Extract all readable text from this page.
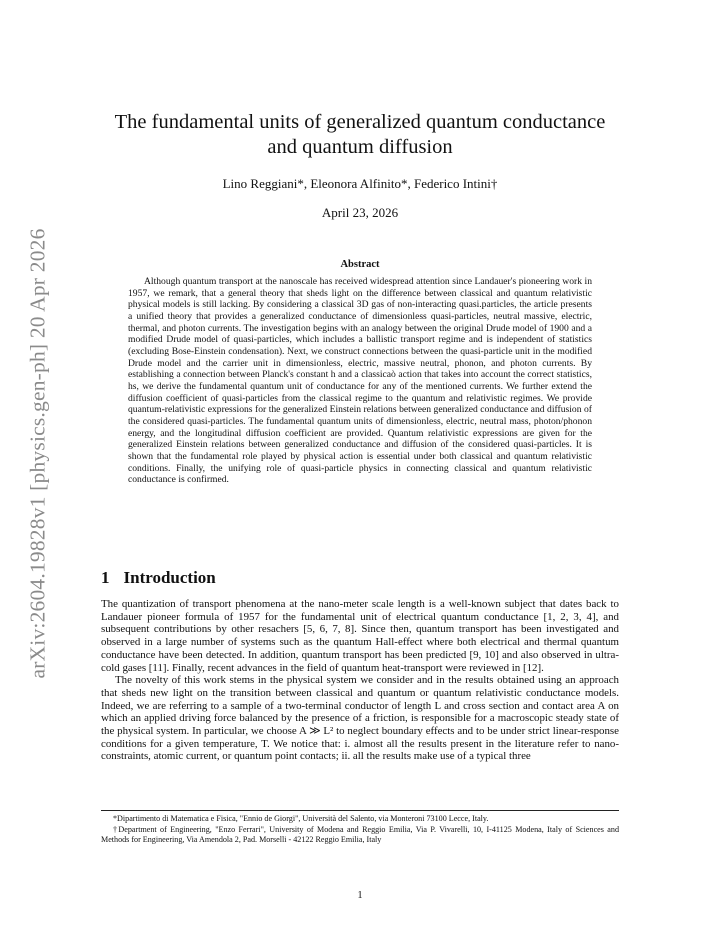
arXiv:2604.19828v1 [physics.gen-ph] 20 Apr 2026
The fundamental units of generalized quantum conductance
and quantum diffusion
Lino Reggiani*, Eleonora Alfinito*, Federico Intini†
April 23, 2026
Abstract

Although quantum transport at the nanoscale has received widespread attention since Landauer's pioneering work in 1957, we remark, that a general theory that sheds light on the difference between classical and quantum relativistic physical models is still lacking. By considering a classical 3D gas of non-interacting quasi.particles, the article presents a unified theory that provides a generalized conductance of dimensionless quasi-particles, neutral massive, electric, thermal, and photon currents. The investigation begins with an analogy between the original Drude model of 1900 and a modified Drude model of quasi-particles, which includes a ballistic transport regime and is independent of statistics (excluding Bose-Einstein condensation). Next, we construct connections between the quasi-particle unit in the modified Drude model and the carrier unit in dimensionless, electric, massive neutral, phonon, and photon currents. By establishing a connection between Planck's constant h and a classicaò action that takes into account the correct statistics, hs, we derive the fundamental quantum unit of conductance for any of the mentioned currents. We further extend the diffusion coefficient of quasi-particles from the classical regime to the quantum and relativistic regimes. We provide quantum-relativistic expressions for the generalized Einstein relations between generalized conductance and diffusion of the considered quasi-particles. The fundamental quantum units of dimensionless, electric, neutral mass, photon/phonon energy, and the longitudinal diffusion coefficient are provided. Quantum relativistic expressions are given for the generalized Einstein relations between generalized conductance and diffusion of the considered quasi-particles. It is shown that the fundamental role played by physical action is essential under both classical and quantum relativistic conditions. Finally, the unifying role of quasi-particle physics in connecting classical and quantum relativistic conductance is confirmed.

1 Introduction

The quantization of transport phenomena at the nano-meter scale length is a well-known subject that dates back to Landauer pioneer formula of 1957 for the fundamental unit of electrical quantum conductance [1, 2, 3, 4], and subsequent contributions by other resachers [5, 6, 7, 8]. Since then, quantum transport has been investigated and observed in a large number of systems such as the quantum Hall-effect where both electrical and thermal quantum conductance have been detected. In addition, quantum transport has been predicted [9, 10] and also observed in ultra-cold gases [11]. Finally, recent advances in the field of quantum heat-transport were reviewed in [12].

The novelty of this work stems in the physical system we consider and in the results obtained using an approach that sheds new light on the transition between classical and quantum or quantum relativistic conductance models. Indeed, we are referring to a sample of a two-terminal conductor of length L and cross section and contact area A on which an applied driving force balanced by the presence of a friction, is responsible for a macroscopic steady state of the physical system. In particular, we choose A ≫ L² to neglect boundary effects and to be under strict linear-response conditions for a given temperature, T. We notice that: i. almost all the results present in the literature refer to nano-constraints, atomic current, or quantum point contacts; ii. all the results make use of a typical three

*Dipartimento di Matematica e Fisica, "Ennio de Giorgi", Università del Salento, via Monteroni 73100 Lecce, Italy.

†Department of Engineering, "Enzo Ferrari", University of Modena and Reggio Emilia, Via P. Vivarelli, 10, I-41125 Modena, Italy of Sciences and Methods for Engineering, Via Amendola 2, Pad. Morselli - 42122 Reggio Emilia, Italy

1
